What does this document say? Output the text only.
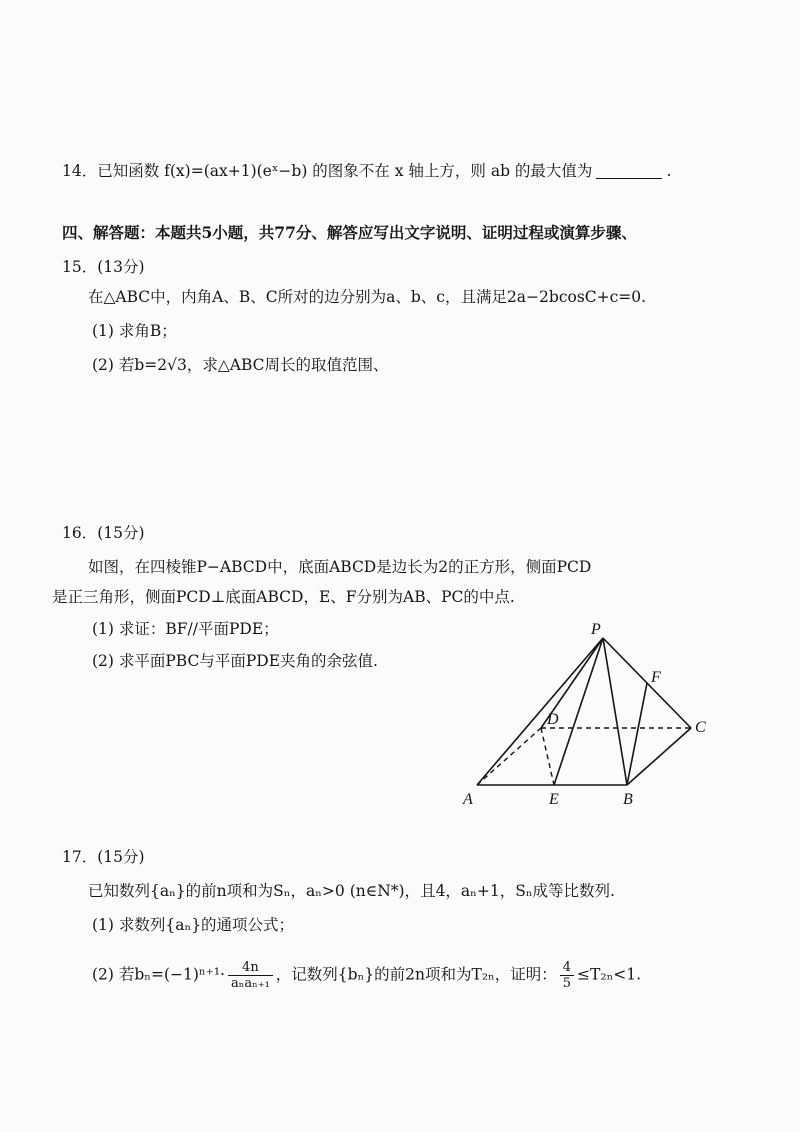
14．已知函数 f(x)=(ax+1)(eˣ−b) 的图象不在 x 轴上方，则 ab 的最大值为	.
四、解答题：本题共5小题，共77分、解答应写出文字说明、证明过程或演算步骤、
15．(13分)
在△ABC中，内角A、B、C所对的边分别为a、b、c，且满足2a−2bcosC+c=0.
(1) 求角B；
(2) 若b=2√3，求△ABC周长的取值范围、
16．(15分)
如图，在四棱锥P−ABCD中，底面ABCD是边长为2的正方形，侧面PCD
是正三角形，侧面PCD⊥底面ABCD，E、F分别为AB、PC的中点.
(1) 求证：BF//平面PDE；
(2) 求平面PBC与平面PDE夹角的余弦值.
P
A	E	B
C
D
F
17．(15分)
已知数列{aₙ}的前n项和为Sₙ，aₙ>0 (n∈N*)，且4，aₙ+1，Sₙ成等比数列.
(1) 求数列{aₙ}的通项公式；
(2) 若$b_n=(-1)^{n+1}\cdot \frac{4n}{\text{aₙaₙ₊₁}}$ ，记数列{bₙ}的前2n项和为T₂ₙ，证明： $\frac{4}{5} \le T_{2n}<1$.
